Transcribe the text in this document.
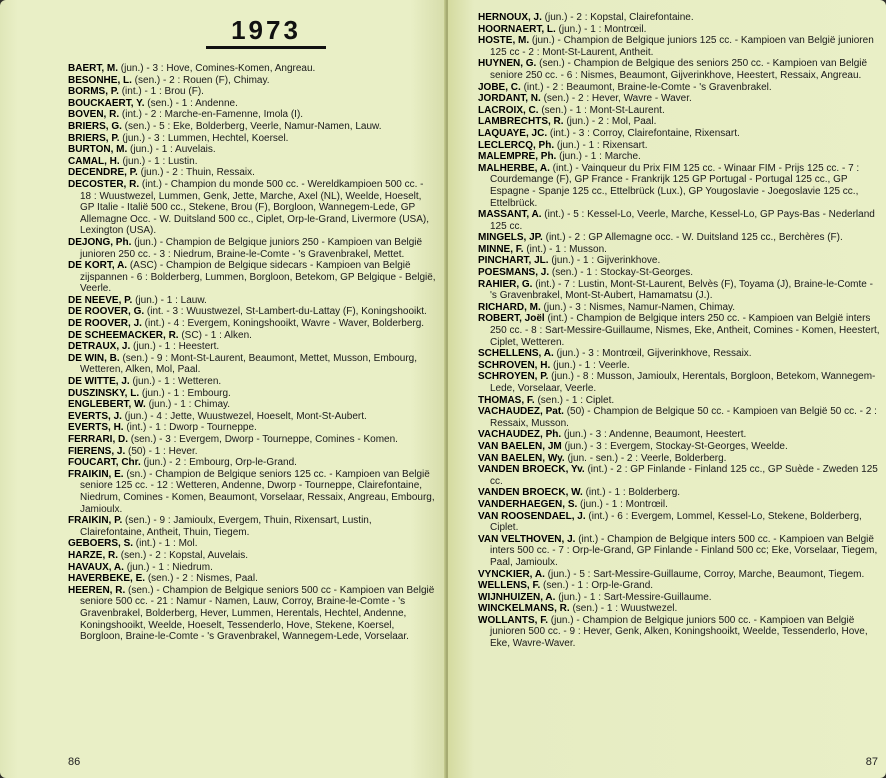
1973

BAERT, M. (jun.) - 3 : Hove, Comines-Komen, Angreau.

BESONHE, L. (sen.) - 2 : Rouen (F), Chimay.

BORMS, P. (int.) - 1 : Brou (F).

BOUCKAERT, Y. (sen.) - 1 : Andenne.

BOVEN, R. (int.) - 2 : Marche-en-Famenne, Imola (I).

BRIERS, G. (sen.) - 5 : Eke, Bolderberg, Veerle, Namur-Namen, Lauw.

BRIERS, P. (jun.) - 3 : Lummen, Hechtel, Koersel.

BURTON, M. (jun.) - 1 : Auvelais.

CAMAL, H. (jun.) - 1 : Lustin.

DECENDRE, P. (jun.) - 2 : Thuin, Ressaix.

DECOSTER, R. (int.) - Champion du monde 500 cc. - Wereldkampioen 500 cc. - 18 : Wuustwezel, Lummen, Genk, Jette, Marche, Axel (NL), Weelde, Hoeselt, GP Italie - Italië 500 cc., Stekene, Brou (F), Borgloon, Wannegem-Lede, GP Allemagne Occ. - W. Duitsland 500 cc., Ciplet, Orp-le-Grand, Livermore (USA), Lexington (USA).

DEJONG, Ph. (jun.) - Champion de Belgique juniors 250 - Kampioen van België junioren 250 cc. - 3 : Niedrum, Braine-le-Comte - 's Gravenbrakel, Mettet.

DE KORT, A. (ASC) - Champion de Belgique sidecars - Kampioen van België zijspannen - 6 : Bolderberg, Lummen, Borgloon, Betekom, GP Belgique - België, Veerle.

DE NEEVE, P. (jun.) - 1 : Lauw.

DE ROOVER, G. (int. - 3 : Wuustwezel, St-Lambert-du-Lattay (F), Koningshooikt.

DE ROOVER, J. (int.) - 4 : Evergem, Koningshooikt, Wavre - Waver, Bolderberg.

DE SCHEEMACKER, R. (SC) - 1 : Alken.

DETRAUX, J. (jun.) - 1 : Heestert.

DE WIN, B. (sen.) - 9 : Mont-St-Laurent, Beaumont, Mettet, Musson, Embourg, Wetteren, Alken, Mol, Paal.

DE WITTE, J. (jun.) - 1 : Wetteren.

DUSZINSKY, L. (jun.) - 1 : Embourg.

ENGLEBERT, W. (jun.) - 1 : Chimay.

EVERTS, J. (jun.) - 4 : Jette, Wuustwezel, Hoeselt, Mont-St-Aubert.

EVERTS, H. (int.) - 1 : Dworp - Tourneppe.

FERRARI, D. (sen.) - 3 : Evergem, Dworp - Tourneppe, Comines - Komen.

FIERENS, J. (50) - 1 : Hever.

FOUCART, Chr. (jun.) - 2 : Embourg, Orp-le-Grand.

FRAIKIN, E. (sn.) - Champion de Belgique seniors 125 cc. - Kampioen van België seniore 125 cc. - 12 : Wetteren, Andenne, Dworp - Tourneppe, Clairefontaine, Niedrum, Comines - Komen, Beaumont, Vorselaar, Ressaix, Angreau, Embourg, Jamioulx.

FRAIKIN, P. (sen.) - 9 : Jamioulx, Evergem, Thuin, Rixensart, Lustin, Clairefontaine, Antheit, Thuin, Tiegem.

GEBOERS, S. (int.) - 1 : Mol.

HARZE, R. (sen.) - 2 : Kopstal, Auvelais.

HAVAUX, A. (jun.) - 1 : Niedrum.

HAVERBEKE, E. (sen.) - 2 : Nismes, Paal.

HEEREN, R. (sen.) - Champion de Belgique seniors 500 cc - Kampioen van België seniore 500 cc. - 21 : Namur - Namen, Lauw, Corroy, Braine-le-Comte - 's Gravenbrakel, Bolderberg, Hever, Lummen, Herentals, Hechtel, Andenne, Koningshooikt, Weelde, Hoeselt, Tessenderlo, Hove, Stekene, Koersel, Borgloon, Braine-le-Comte - 's Gravenbrakel, Wannegem-Lede, Vorselaar.

86

HERNOUX, J. (jun.) - 2 : Kopstal, Clairefontaine.

HOORNAERT, L. (jun.) - 1 : Montrœil.

HOSTE, M. (jun.) - Champion de Belgique juniors 125 cc. - Kampioen van België junioren 125 cc - 2 : Mont-St-Laurent, Antheit.

HUYNEN, G. (sen.) - Champion de Belgique des seniors 250 cc. - Kampioen van België seniore 250 cc. - 6 : Nismes, Beaumont, Gijverinkhove, Heestert, Ressaix, Angreau.

JOBE, C. (int.) - 2 : Beaumont, Braine-le-Comte - 's Gravenbrakel.

JORDANT, N. (sen.) - 2 : Hever, Wavre - Waver.

LACROIX, C. (sen.) - 1 : Mont-St-Laurent.

LAMBRECHTS, R. (jun.) - 2 : Mol, Paal.

LAQUAYE, JC. (int.) - 3 : Corroy, Clairefontaine, Rixensart.

LECLERCQ, Ph. (jun.) - 1 : Rixensart.

MALEMPRE, Ph. (jun.) - 1 : Marche.

MALHERBE, A. (int.) - Vainqueur du Prix FIM 125 cc. - Winaar FIM - Prijs 125 cc. - 7 : Courdemange (F), GP France - Frankrijk 125 GP Portugal - Portugal 125 cc., GP Espagne - Spanje 125 cc., Ettelbrück (Lux.), GP Yougoslavie - Joegoslavie 125 cc., Ettelbrück.

MASSANT, A. (int.) - 5 : Kessel-Lo, Veerle, Marche, Kessel-Lo, GP Pays-Bas - Nederland 125 cc.

MINGELS, JP. (int.) - 2 : GP Allemagne occ. - W. Duitsland 125 cc., Berchères (F).

MINNE, F. (int.) - 1 : Musson.

PINCHART, JL. (jun.) - 1 : Gijverinkhove.

POESMANS, J. (sen.) - 1 : Stockay-St-Georges.

RAHIER, G. (int.) - 7 : Lustin, Mont-St-Laurent, Belvès (F), Toyama (J), Braine-le-Comte - 's Gravenbrakel, Mont-St-Aubert, Hamamatsu (J.).

RICHARD, M. (jun.) - 3 : Nismes, Namur-Namen, Chimay.

ROBERT, Joël (int.) - Champion de Belgique inters 250 cc. - Kampioen van België inters 250 cc. - 8 : Sart-Messire-Guillaume, Nismes, Eke, Antheit, Comines - Komen, Heestert, Ciplet, Wetteren.

SCHELLENS, A. (jun.) - 3 : Montrœil, Gijverinkhove, Ressaix.

SCHROVEN, H. (jun.) - 1 : Veerle.

SCHROYEN, P. (jun.) - 8 : Musson, Jamioulx, Herentals, Borgloon, Betekom, Wannegem-Lede, Vorselaar, Veerle.

THOMAS, F. (sen.) - 1 : Ciplet.

VACHAUDEZ, Pat. (50) - Champion de Belgique 50 cc. - Kampioen van België 50 cc. - 2 : Ressaix, Musson.

VACHAUDEZ, Ph. (jun.) - 3 : Andenne, Beaumont, Heestert.

VAN BAELEN, JM (jun.) - 3 : Evergem, Stockay-St-Georges, Weelde.

VAN BAELEN, Wy. (jun. - sen.) - 2 : Veerle, Bolderberg.

VANDEN BROECK, Yv. (int.) - 2 : GP Finlande - Finland 125 cc., GP Suède - Zweden 125 cc.

VANDEN BROECK, W. (int.) - 1 : Bolderberg.

VANDERHAEGEN, S. (jun.) - 1 : Montrœil.

VAN ROOSENDAEL, J. (int.) - 6 : Evergem, Lommel, Kessel-Lo, Stekene, Bolderberg, Ciplet.

VAN VELTHOVEN, J. (int.) - Champion de Belgique inters 500 cc. - Kampioen van België inters 500 cc. - 7 : Orp-le-Grand, GP Finlande - Finland 500 cc; Eke, Vorselaar, Tiegem, Paal, Jamioulx.

VYNCKIER, A. (jun.) - 5 : Sart-Messire-Guillaume, Corroy, Marche, Beaumont, Tiegem.

WELLENS, F. (sen.) - 1 : Orp-le-Grand.

WIJNHUIZEN, A. (jun.) - 1 : Sart-Messire-Guillaume.

WINCKELMANS, R. (sen.) - 1 : Wuustwezel.

WOLLANTS, F. (jun.) - Champion de Belgique juniors 500 cc. - Kampioen van België junioren 500 cc. - 9 : Hever, Genk, Alken, Koningshooikt, Weelde, Tessenderlo, Hove, Eke, Wavre-Waver.

87
